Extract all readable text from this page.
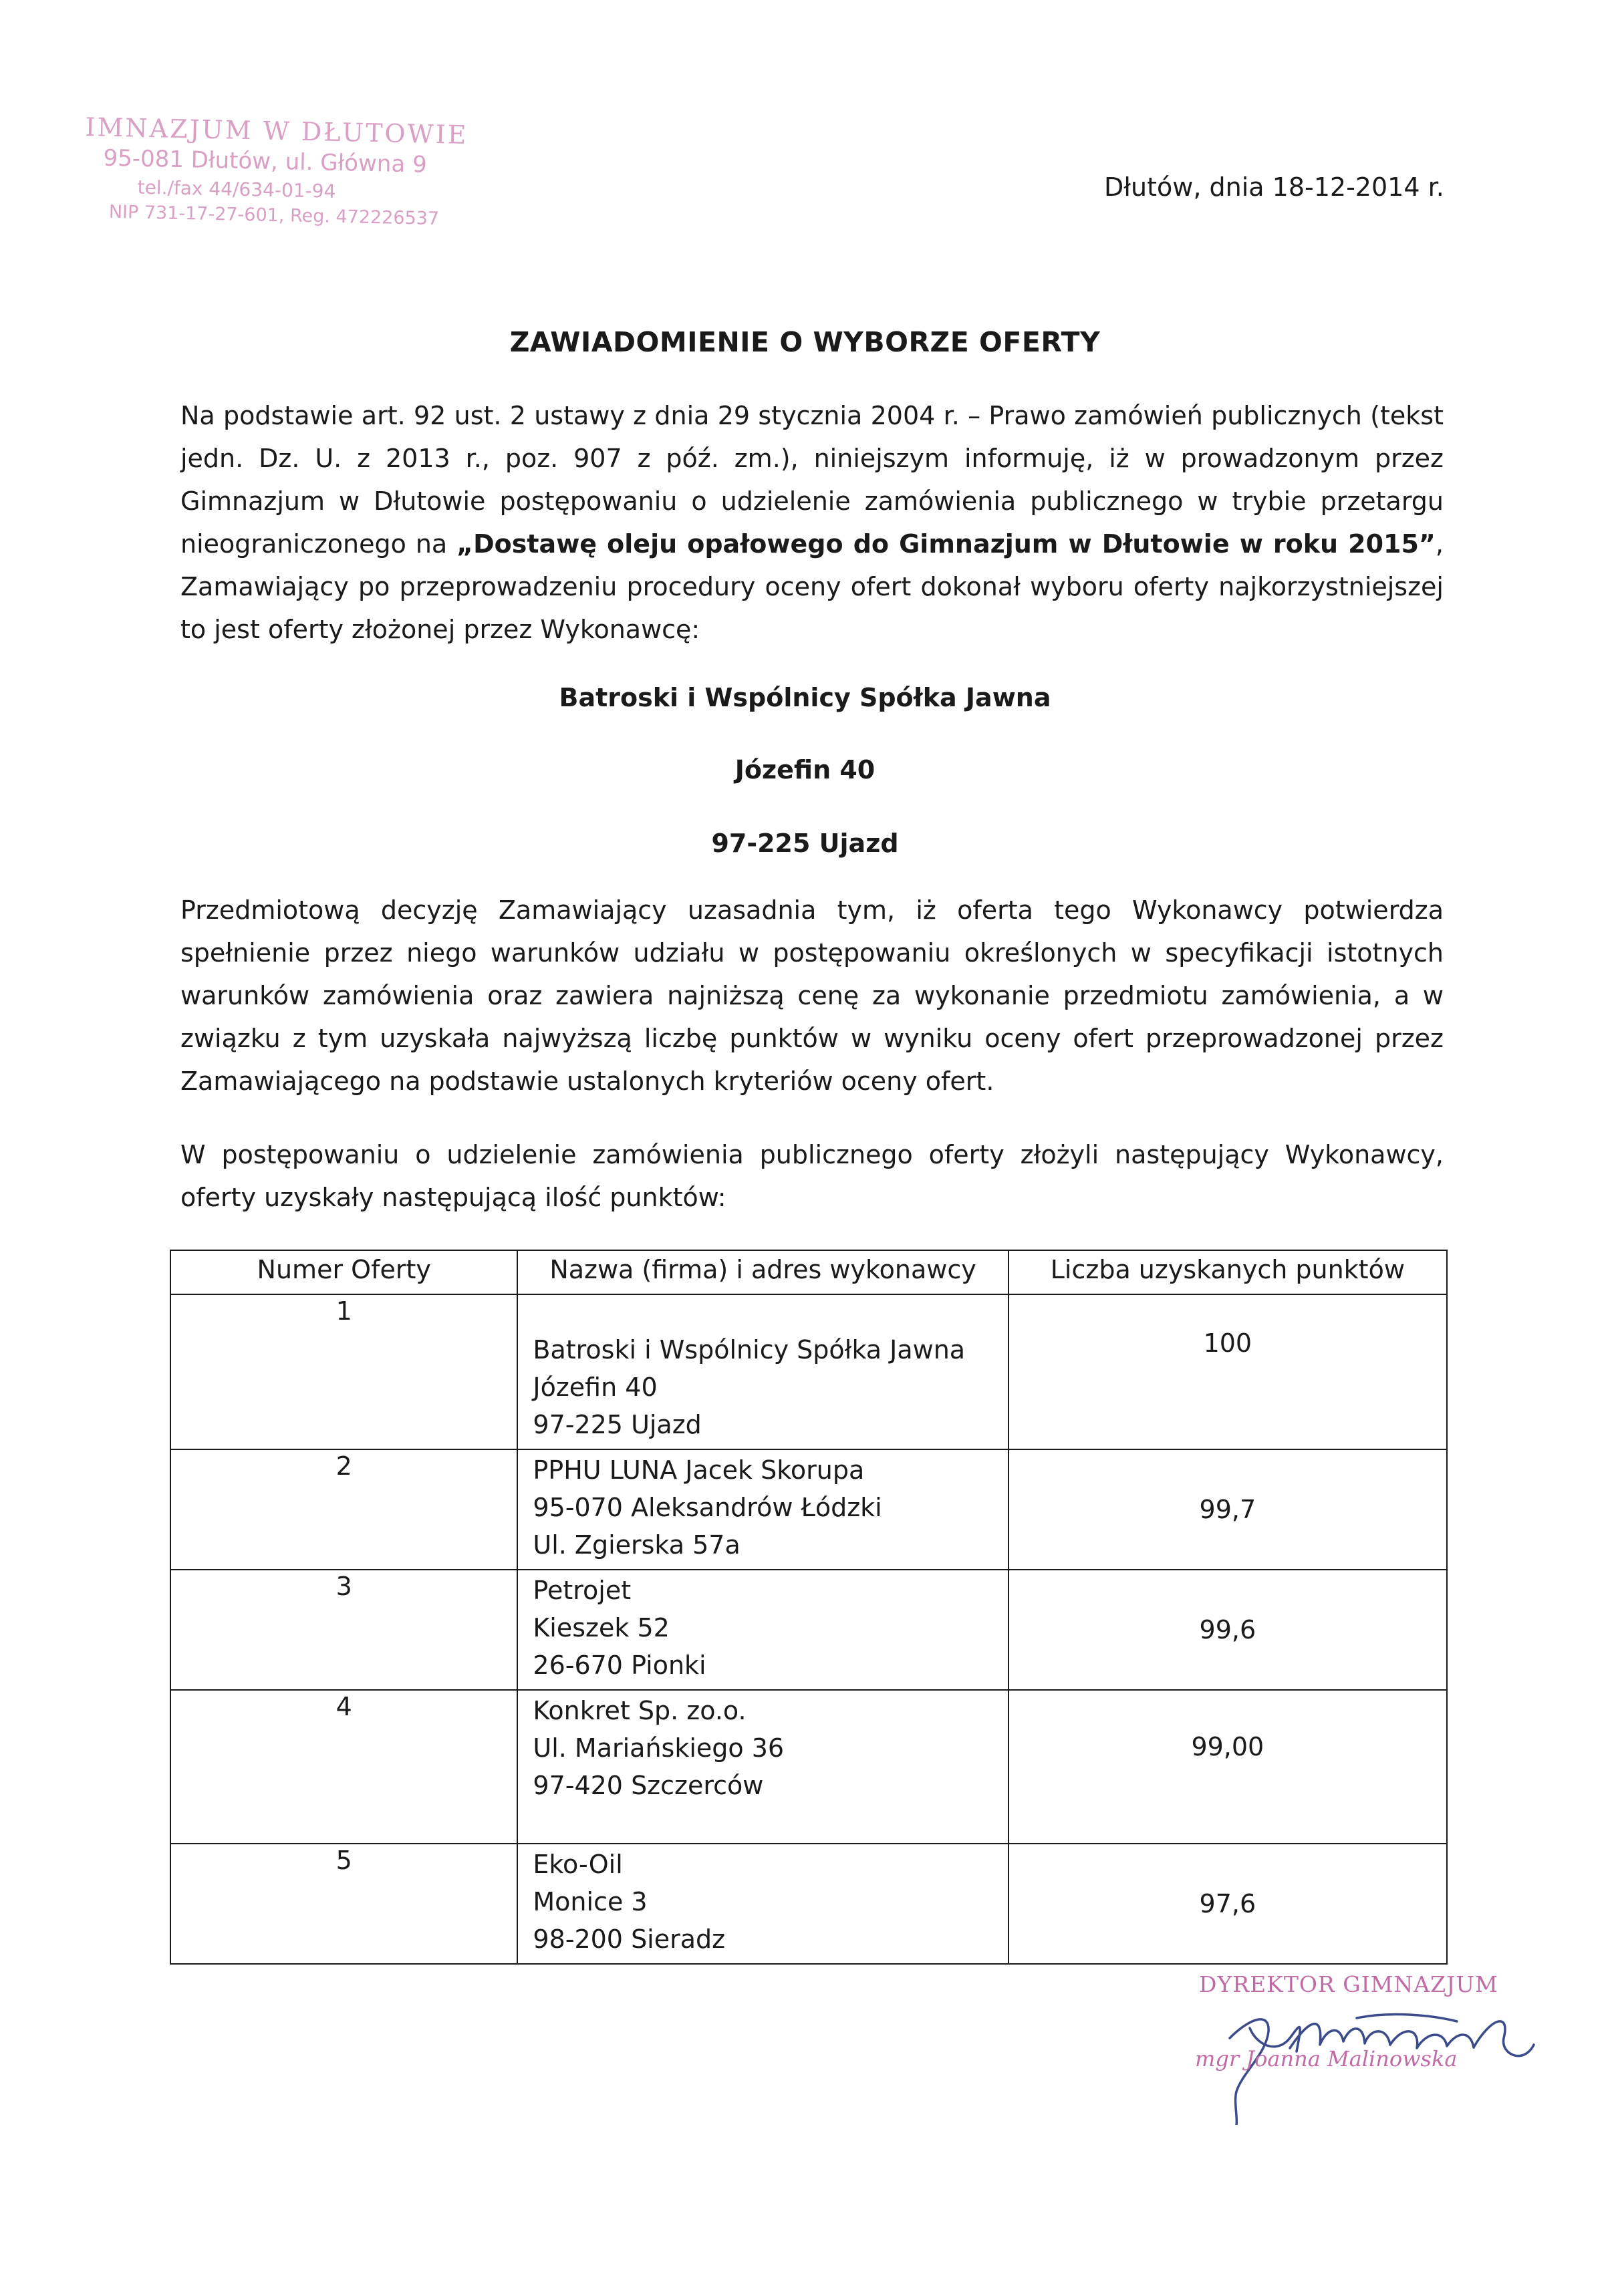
IMNAZJUM W DŁUTOWIE
95-081 Dłutów, ul. Główna 9
tel./fax 44/634-01-94
NIP 731-17-27-601, Reg. 472226537
Dłutów, dnia 18-12-2014 r.
ZAWIADOMIENIE O WYBORZE OFERTY
Na podstawie art. 92 ust. 2 ustawy z dnia 29 stycznia 2004 r. – Prawo zamówień publicznych (tekst jedn. Dz. U. z 2013 r., poz. 907 z póź. zm.), niniejszym informuję, iż w prowadzonym przez Gimnazjum w Dłutowie postępowaniu o udzielenie zamówienia publicznego w trybie przetargu nieograniczonego na „Dostawę oleju opałowego do Gimnazjum w Dłutowie w roku 2015”, Zamawiający po przeprowadzeniu procedury oceny ofert dokonał wyboru oferty najkorzystniejszej to jest oferty złożonej przez Wykonawcę:
Batroski i Wspólnicy Spółka Jawna
Józefin 40
97-225 Ujazd
Przedmiotową decyzję Zamawiający uzasadnia tym, iż oferta tego Wykonawcy potwierdza spełnienie przez niego warunków udziału w postępowaniu określonych w specyfikacji istotnych warunków zamówienia oraz zawiera najniższą cenę za wykonanie przedmiotu zamówienia, a w związku z tym uzyskała najwyższą liczbę punktów w wyniku oceny ofert przeprowadzonej przez Zamawiającego na podstawie ustalonych kryteriów oceny ofert.
W postępowaniu o udzielenie zamówienia publicznego oferty złożyli następujący Wykonawcy, oferty uzyskały następującą ilość punktów:
Numer Oferty	Nazwa (firma) i adres wykonawcy	Liczba uzyskanych punktów
1	Batroski i Wspólnicy Spółka Jawna
Józefin 40
97-225 Ujazd	100
2	PPHU LUNA Jacek Skorupa
95-070 Aleksandrów Łódzki
Ul. Zgierska 57a	99,7
3	Petrojet
Kieszek 52
26-670 Pionki	99,6
4	Konkret Sp. zo.o.
Ul. Mariańskiego 36
97-420 Szczerców	99,00
5	Eko-Oil
Monice 3
98-200 Sieradz	97,6
DYREKTOR GIMNAZJUM
mgr Joanna Malinowska
